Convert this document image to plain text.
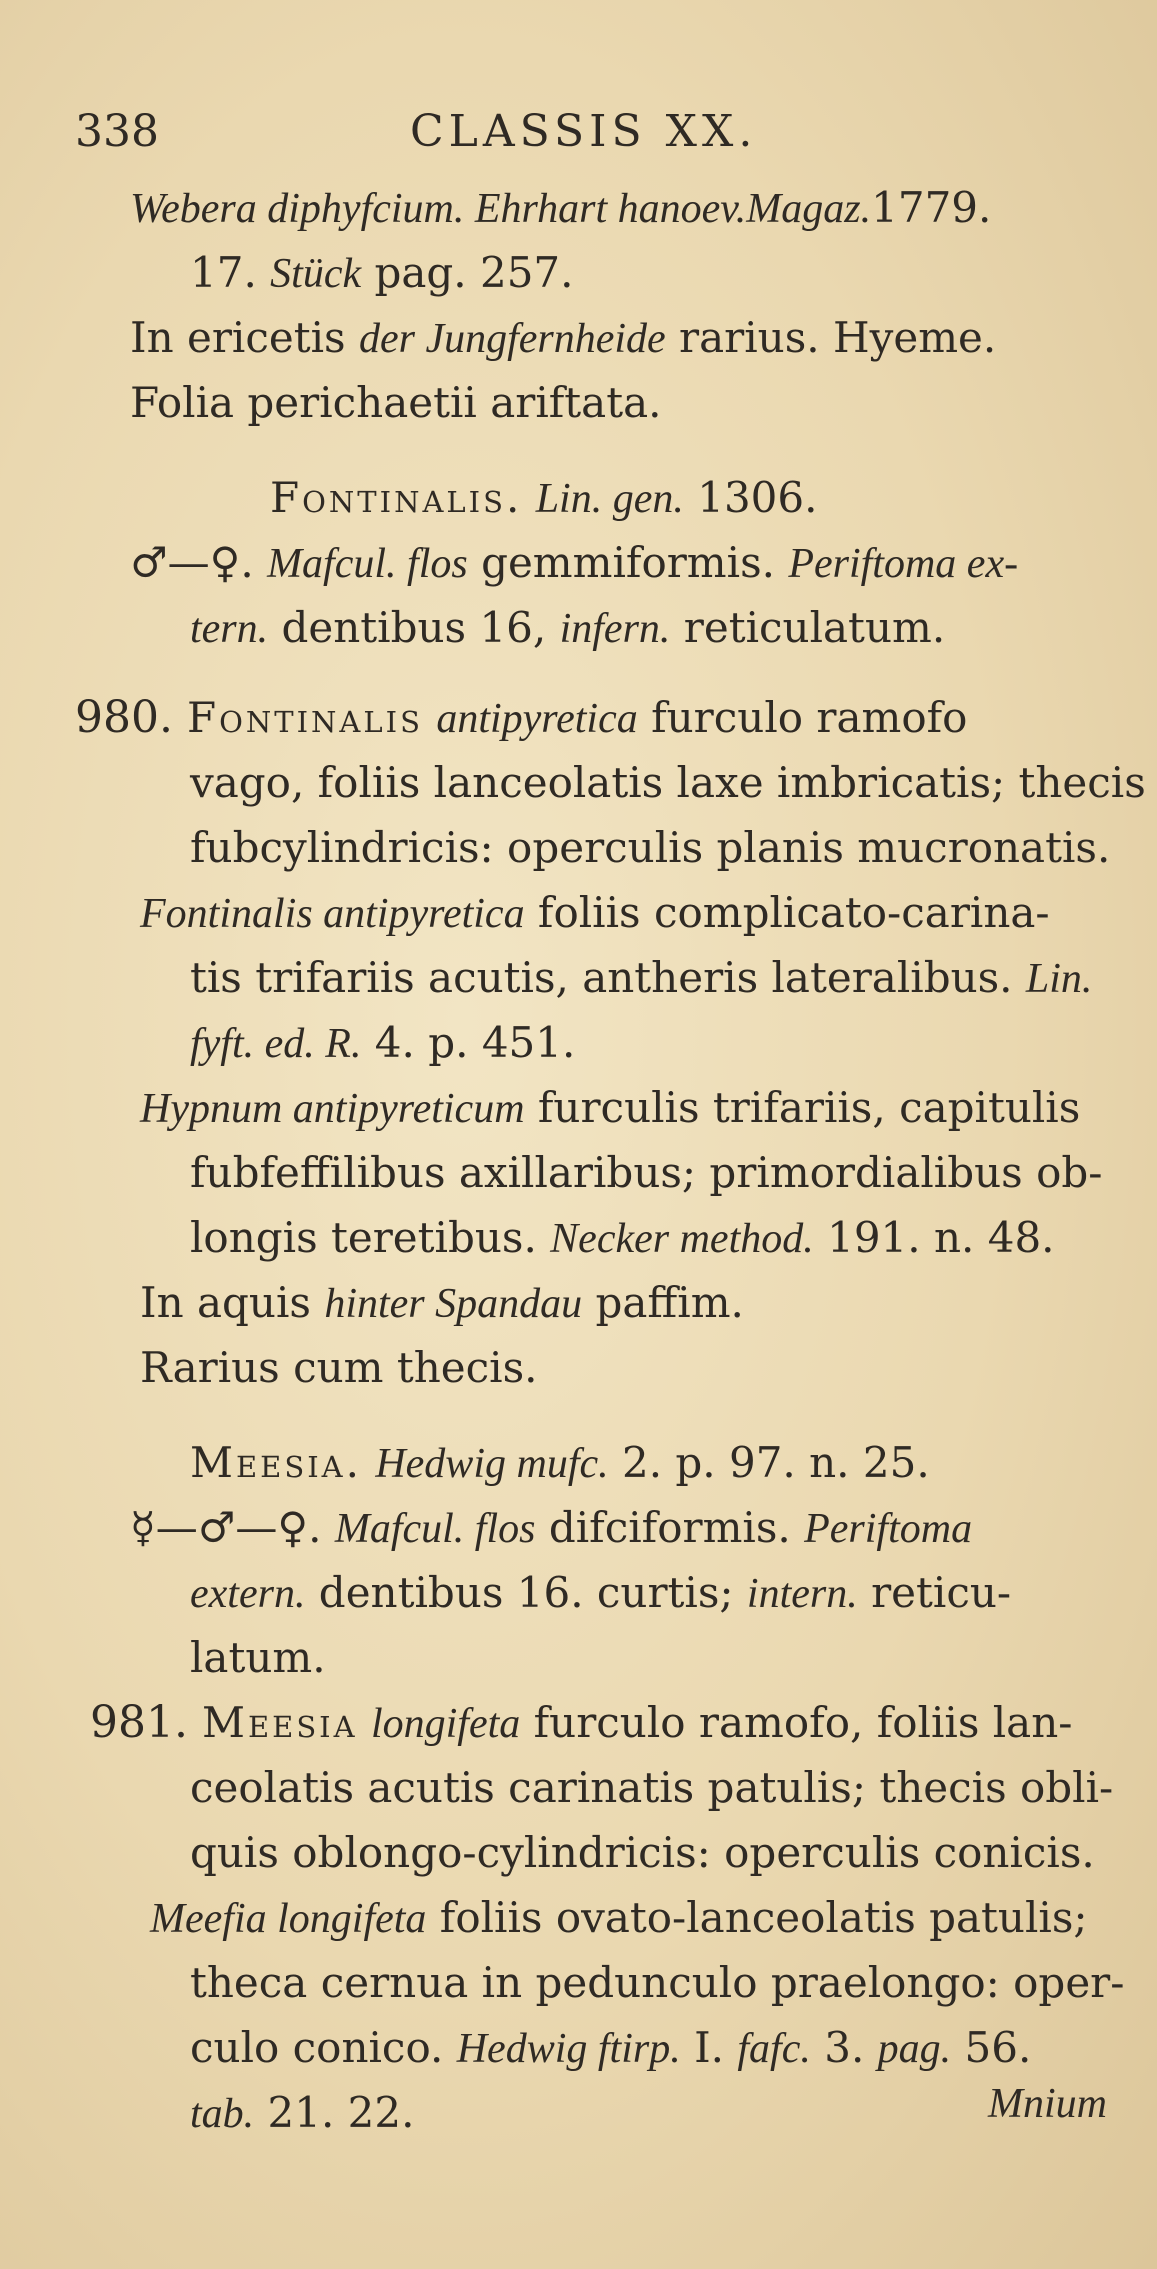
338	CLASSIS XX.
Webera diphyfcium. Ehrhart hanoev.Magaz.1779.
17. Stück pag. 257.
In ericetis der Jungfernheide rarius. Hyeme.
Folia perichaetii ariftata.
Fontinalis. Lin. gen. 1306.
♂—♀. Mafcul. flos gemmiformis. Periftoma ex-
tern. dentibus 16, infern. reticulatum.
980. Fontinalis antipyretica furculo ramofo
vago, foliis lanceolatis laxe imbricatis; thecis
fubcylindricis: operculis planis mucronatis.
Fontinalis antipyretica foliis complicato-carina-
tis trifariis acutis, antheris lateralibus. Lin.
fyft. ed. R. 4. p. 451.
Hypnum antipyreticum furculis trifariis, capitulis
fubfeffilibus axillaribus; primordialibus ob-
longis teretibus. Necker method. 191. n. 48.
In aquis hinter Spandau paffim.
Rarius cum thecis.
Meesia. Hedwig mufc. 2. p. 97. n. 25.
☿—♂—♀. Mafcul. flos difciformis. Periftoma
extern. dentibus 16. curtis; intern. reticu-
latum.
981. Meesia longifeta furculo ramofo, foliis lan-
ceolatis acutis carinatis patulis; thecis obli-
quis oblongo-cylindricis: operculis conicis.
Meefia longifeta foliis ovato-lanceolatis patulis;
theca cernua in pedunculo praelongo: oper-
culo conico. Hedwig ftirp. I. fafc. 3. pag. 56.
tab. 21. 22.	Mnium
